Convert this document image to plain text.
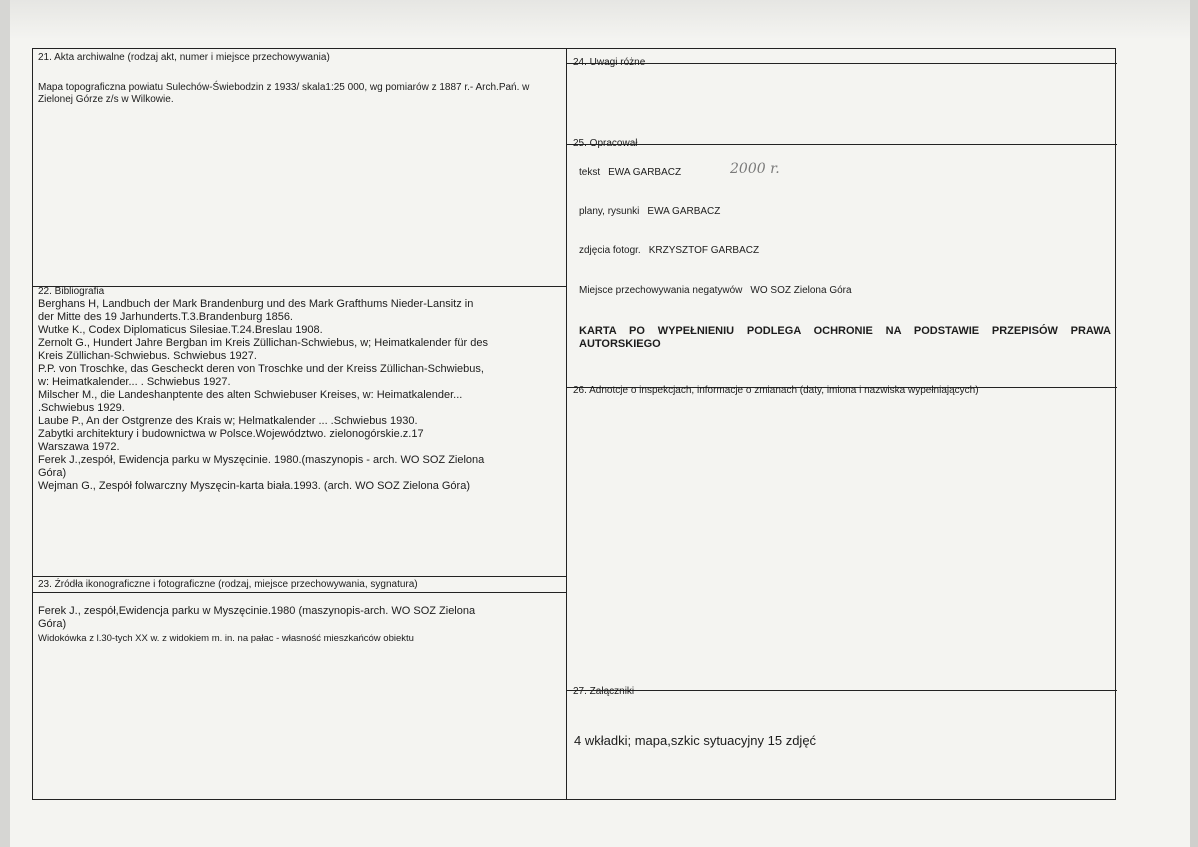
21. Akta archiwalne (rodzaj akt, numer i miejsce przechowywania)
Mapa topograficzna powiatu Sulechów-Świebodzin z 1933/ skala1:25 000, wg pomiarów z 1887 r.- Arch.Pań. w Zielonej Górze z/s w Wilkowie.
22. Bibliografia
Berghans H, Landbuch der Mark Brandenburg und des Mark Grafthums Nieder-Lansitz in
der Mitte des 19 Jarhunderts.T.3.Brandenburg 1856.
Wutke K., Codex Diplomaticus Silesiae.T.24.Breslau 1908.
Zernolt G., Hundert Jahre Bergban im Kreis Züllichan-Schwiebus, w; Heimatkalender für des
Kreis Züllichan-Schwiebus. Schwiebus 1927.
P.P. von Troschke, das Gescheckt deren von Troschke und der Kreiss Züllichan-Schwiebus,
w: Heimatkalender... . Schwiebus 1927.
Milscher M., die Landeshanptente des alten Schwiebuser Kreises, w: Heimatkalender...
.Schwiebus 1929.
Laube P., An der Ostgrenze des Krais w; Helmatkalender ... .Schwiebus 1930.
Zabytki architektury i budownictwa w Polsce.Województwo. zielonogórskie.z.17
Warszawa 1972.
Ferek J.,zespół, Ewidencja parku w Myszęcinie. 1980.(maszynopis - arch. WO SOZ Zielona
Góra)
Wejman G., Zespół folwarczny Myszęcin-karta biała.1993. (arch. WO SOZ Zielona Góra)
23. Źródła ikonograficzne i fotograficzne (rodzaj, miejsce przechowywania, sygnatura)
Ferek J., zespół,Ewidencja parku w Myszęcinie.1980 (maszynopis-arch. WO SOZ Zielona
Góra)
Widokówka z l.30-tych XX w. z widokiem m. in. na pałac - własność mieszkańców obiektu
24. Uwagi różne
25. Opracował
tekst EWA GARBACZ	2000 r.
plany, rysunki EWA GARBACZ
zdjęcia fotogr. KRZYSZTOF GARBACZ
Miejsce przechowywania negatywów WO SOZ Zielona Góra
KARTA PO WYPEŁNIENIU PODLEGA OCHRONIE NA PODSTAWIE PRZEPISÓW PRAWA AUTORSKIEGO
26. Adnotcje o inspekcjach, informacje o zmianach (daty, imiona i nazwiska wypełniających)
27. Załączniki
4 wkładki; mapa,szkic sytuacyjny 15 zdjęć
